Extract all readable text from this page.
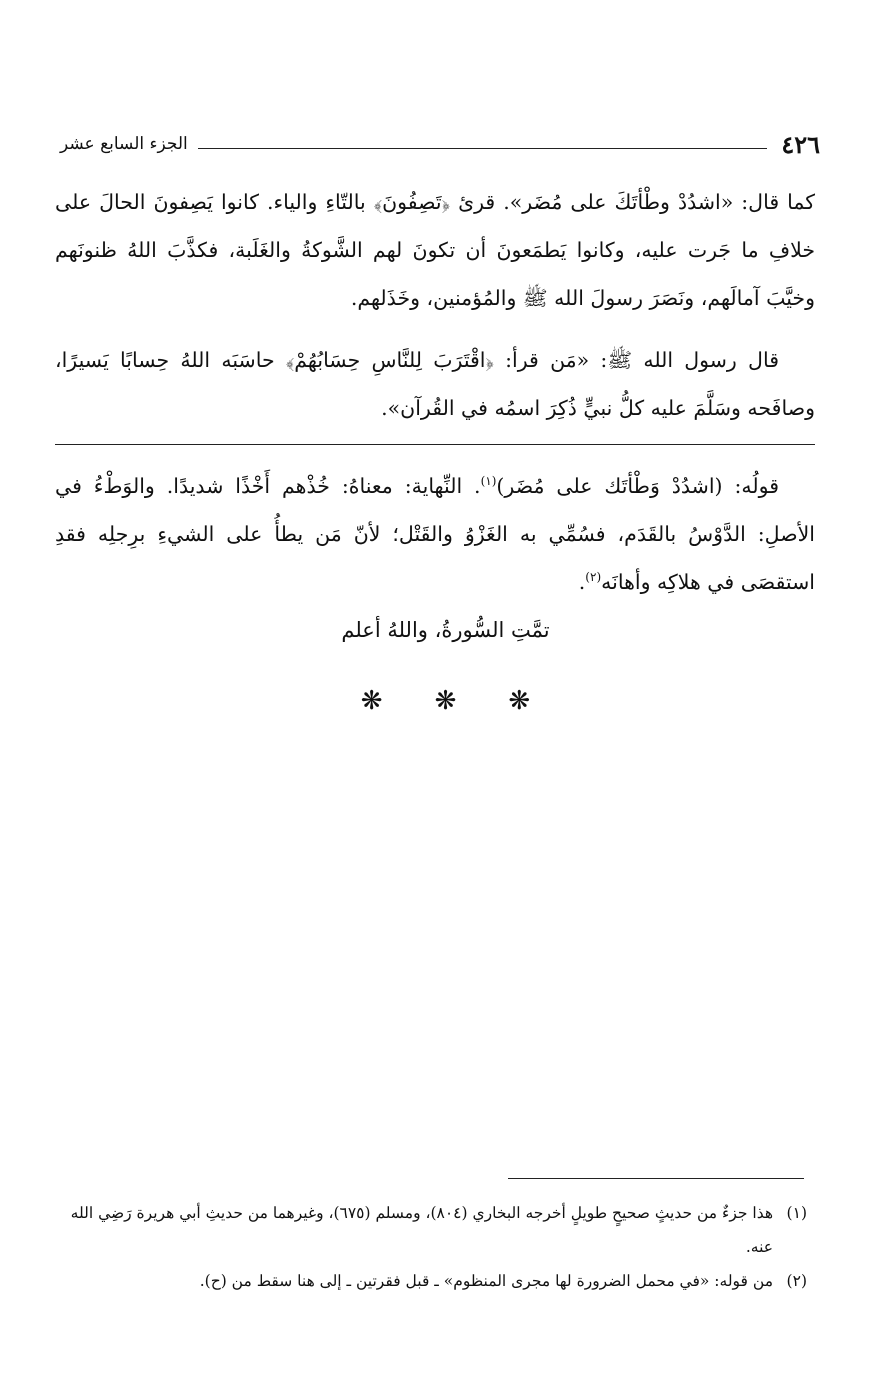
٤٢٦
الجزء السابع عشر

كما قال: «اشدُدْ وطْأتَكَ على مُضَر». قرئ ﴿تَصِفُونَ﴾ بالتّاءِ والياء. كانوا يَصِفونَ الحالَ على خلافِ ما جَرت عليه، وكانوا يَطمَعونَ أن تكونَ لهم الشَّوكةُ والغَلَبة، فكذَّبَ اللهُ ظنونَهم وخيَّبَ آمالَهم، ونَصَرَ رسولَ الله ﷺ والمُؤمنين، وخَذَلهم.

قال رسول الله ﷺ: «مَن قرأ: ﴿اقْتَرَبَ لِلنَّاسِ حِسَابُهُمْ﴾ حاسَبَه اللهُ حِسابًا يَسيرًا، وصافَحه وسَلَّمَ عليه كلُّ نبيٍّ ذُكِرَ اسمُه في القُرآن».

قولُه: (اشدُدْ وَطْأتَك على مُضَر)$^{(١)}$. النِّهاية: معناهُ: خُذْهم أَخْذًا شديدًا. والوَطْءُ في الأصلِ: الدَّوْسُ بالقَدَم، فسُمِّي به الغَزْوُ والقَتْل؛ لأنّ مَن يطأُ على الشيءِ برِجلِه فقدِ استقصَى في هلاكِه وأهانَه$^{(٢)}$.

تمَّتِ السُّورةُ، واللهُ أعلم
❋ ❋ ❋
(١)
هذا جزءٌ من حديثٍ صحيحٍ طويلٍ أخرجه البخاري (٨٠٤)، ومسلم (٦٧٥)، وغيرهما من حديثِ أبي هريرة رَضِي الله عنه.
(٢)
من قوله: «في محمل الضرورة لها مجرى المنظوم» ـ قبل فقرتين ـ إلى هنا سقط من (ح).
